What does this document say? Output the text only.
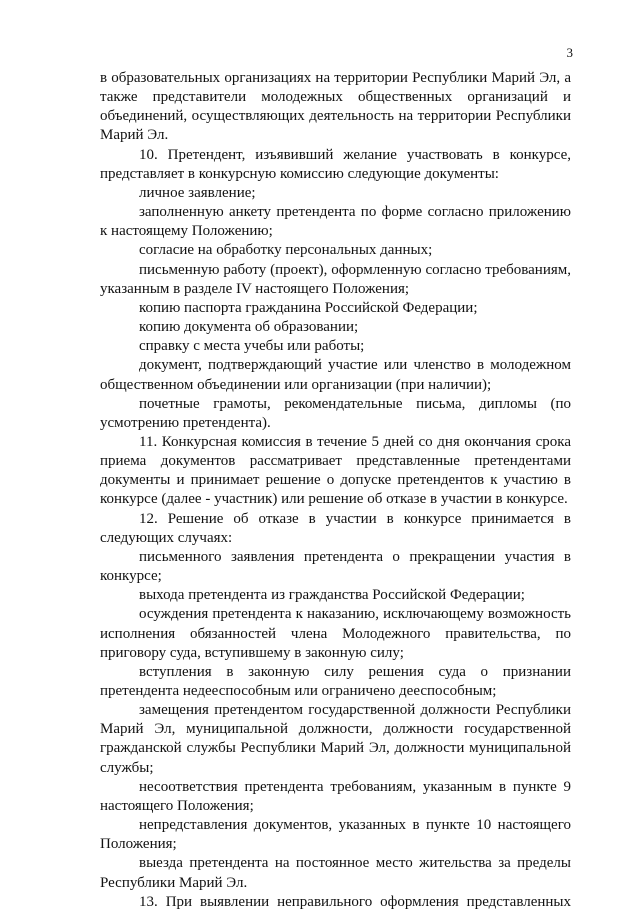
3

в образовательных организациях на территории Республики Марий Эл, а также представители молодежных общественных организаций и объединений, осуществляющих деятельность на территории Республики Марий Эл.

10. Претендент, изъявивший желание участвовать в конкурсе, представляет в конкурсную комиссию следующие документы:

личное заявление;

заполненную анкету претендента по форме согласно приложению к настоящему Положению;

согласие на обработку персональных данных;

письменную работу (проект), оформленную согласно требованиям, указанным в разделе IV настоящего Положения;

копию паспорта гражданина Российской Федерации;

копию документа об образовании;

справку с места учебы или работы;

документ, подтверждающий участие или членство в молодежном общественном объединении или организации (при наличии);

почетные грамоты, рекомендательные письма, дипломы (по усмотрению претендента).

11. Конкурсная комиссия в течение 5 дней со дня окончания срока приема документов рассматривает представленные претендентами документы и принимает решение о допуске претендентов к участию в конкурсе (далее - участник) или решение об отказе в участии в конкурсе.

12. Решение об отказе в участии в конкурсе принимается в следующих случаях:

письменного заявления претендента о прекращении участия в конкурсе;

выхода претендента из гражданства Российской Федерации;

осуждения претендента к наказанию, исключающему возможность исполнения обязанностей члена Молодежного правительства, по приговору суда, вступившему в законную силу;

вступления в законную силу решения суда о признании претендента недееспособным или ограничено дееспособным;

замещения претендентом государственной должности Республики Марий Эл, муниципальной должности, должности государственной гражданской службы Республики Марий Эл, должности муниципальной службы;

несоответствия претендента требованиям, указанным в пункте 9 настоящего Положения;

непредставления документов, указанных в пункте 10 настоящего Положения;

выезда претендента на постоянное место жительства за пределы Республики Марий Эл.

13. При выявлении неправильного оформления представленных
